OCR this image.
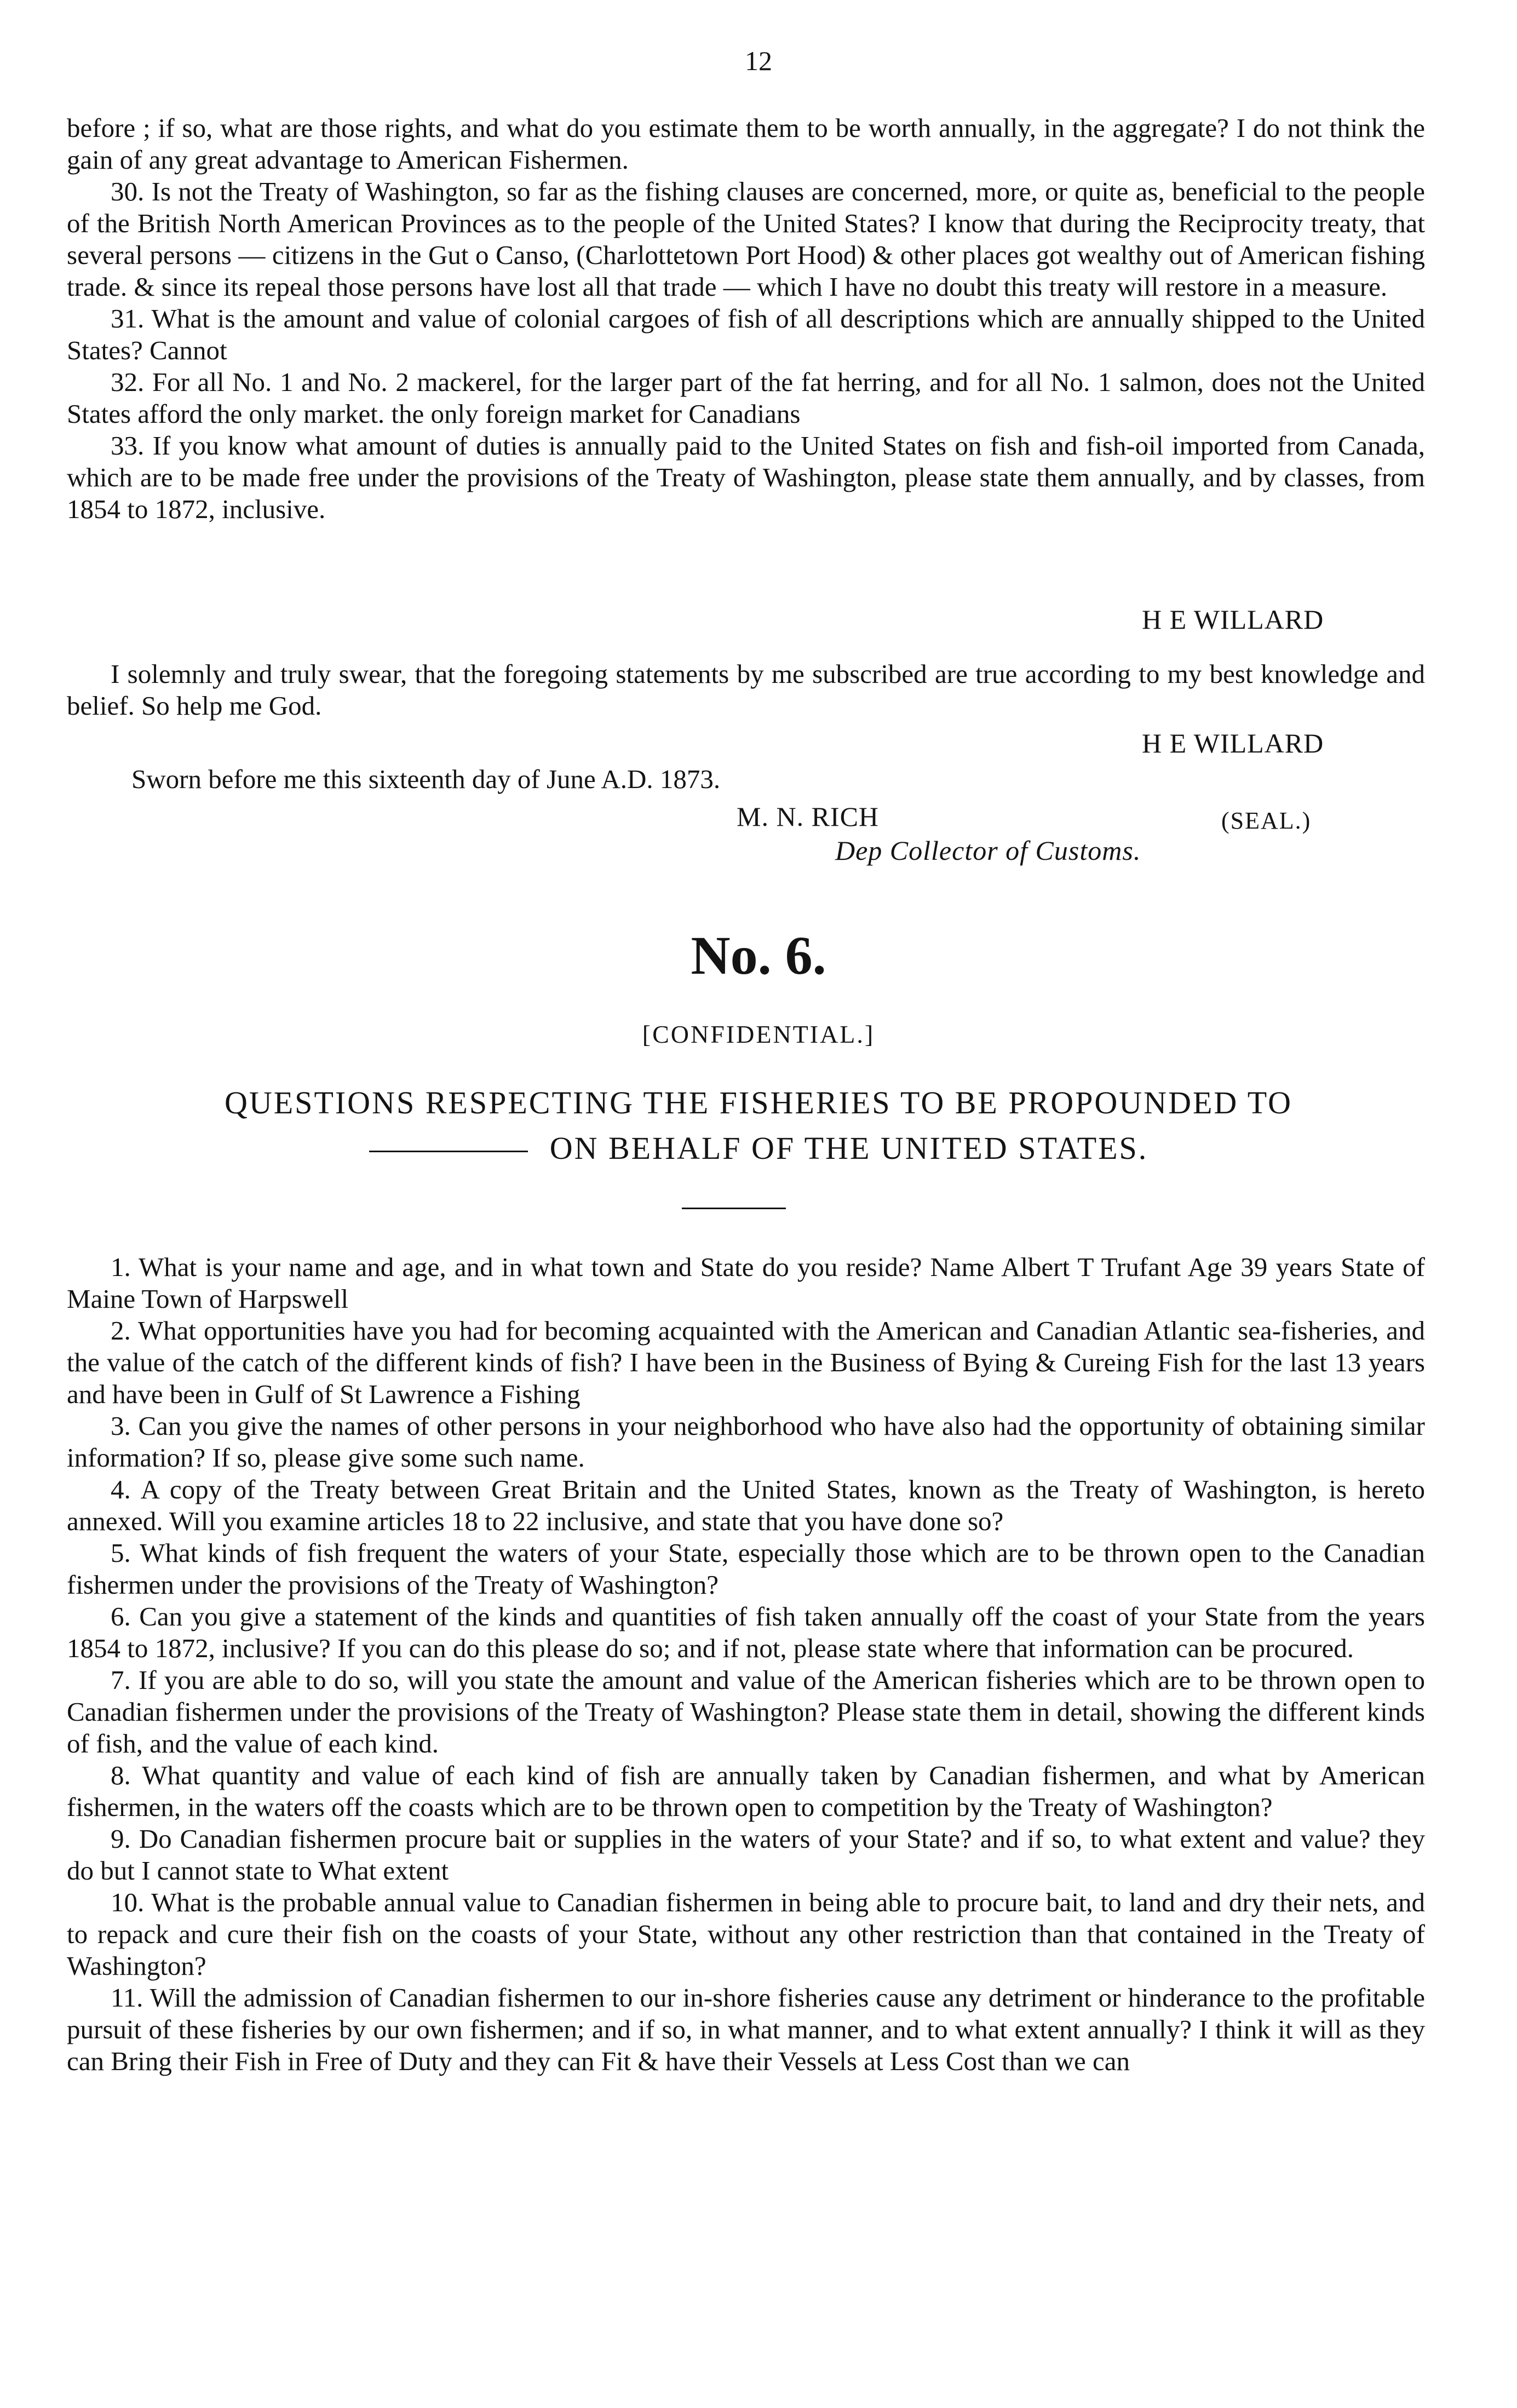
12

before ; if so, what are those rights, and what do you estimate them to be worth annually, in the aggregate? I do not think the gain of any great advantage to American Fishermen.

30. Is not the Treaty of Washington, so far as the fishing clauses are concerned, more, or quite as, beneficial to the people of the British North American Provinces as to the people of the United States? I know that during the Reciprocity treaty, that several persons — citizens in the Gut o Canso, (Charlottetown Port Hood) & other places got wealthy out of American fishing trade. & since its repeal those persons have lost all that trade — which I have no doubt this treaty will restore in a measure.

31. What is the amount and value of colonial cargoes of fish of all descriptions which are annually shipped to the United States? Cannot

32. For all No. 1 and No. 2 mackerel, for the larger part of the fat herring, and for all No. 1 salmon, does not the United States afford the only market. the only foreign market for Canadians

33. If you know what amount of duties is annually paid to the United States on fish and fish-oil imported from Canada, which are to be made free under the provisions of the Treaty of Washington, please state them annually, and by classes, from 1854 to 1872, inclusive.

H E WILLARD

I solemnly and truly swear, that the foregoing statements by me subscribed are true according to my best knowledge and belief. So help me God.

H E WILLARD

Sworn before me this sixteenth day of June A.D. 1873.

M. N. RICH	(SEAL.)
Dep Collector of Customs.
No. 6.
[CONFIDENTIAL.]
QUESTIONS RESPECTING THE FISHERIES TO BE PROPOUNDED TO
ON BEHALF OF THE UNITED STATES.

1. What is your name and age, and in what town and State do you reside? Name Albert T Trufant Age 39 years State of Maine Town of Harpswell

2. What opportunities have you had for becoming acquainted with the American and Canadian Atlantic sea-fisheries, and the value of the catch of the different kinds of fish? I have been in the Business of Bying & Cureing Fish for the last 13 years and have been in Gulf of St Lawrence a Fishing

3. Can you give the names of other persons in your neighborhood who have also had the opportunity of obtaining similar information? If so, please give some such name.

4. A copy of the Treaty between Great Britain and the United States, known as the Treaty of Washington, is hereto annexed. Will you examine articles 18 to 22 inclusive, and state that you have done so?

5. What kinds of fish frequent the waters of your State, especially those which are to be thrown open to the Canadian fishermen under the provisions of the Treaty of Washington?

6. Can you give a statement of the kinds and quantities of fish taken annually off the coast of your State from the years 1854 to 1872, inclusive? If you can do this please do so; and if not, please state where that information can be procured.

7. If you are able to do so, will you state the amount and value of the American fisheries which are to be thrown open to Canadian fishermen under the provisions of the Treaty of Washington? Please state them in detail, showing the different kinds of fish, and the value of each kind.

8. What quantity and value of each kind of fish are annually taken by Canadian fishermen, and what by American fishermen, in the waters off the coasts which are to be thrown open to competition by the Treaty of Washington?

9. Do Canadian fishermen procure bait or supplies in the waters of your State? and if so, to what extent and value? they do but I cannot state to What extent

10. What is the probable annual value to Canadian fishermen in being able to procure bait, to land and dry their nets, and to repack and cure their fish on the coasts of your State, without any other restriction than that contained in the Treaty of Washington?

11. Will the admission of Canadian fishermen to our in-shore fisheries cause any detriment or hinderance to the profitable pursuit of these fisheries by our own fishermen; and if so, in what manner, and to what extent annually? I think it will as they can Bring their Fish in Free of Duty and they can Fit & have their Vessels at Less Cost than we can
